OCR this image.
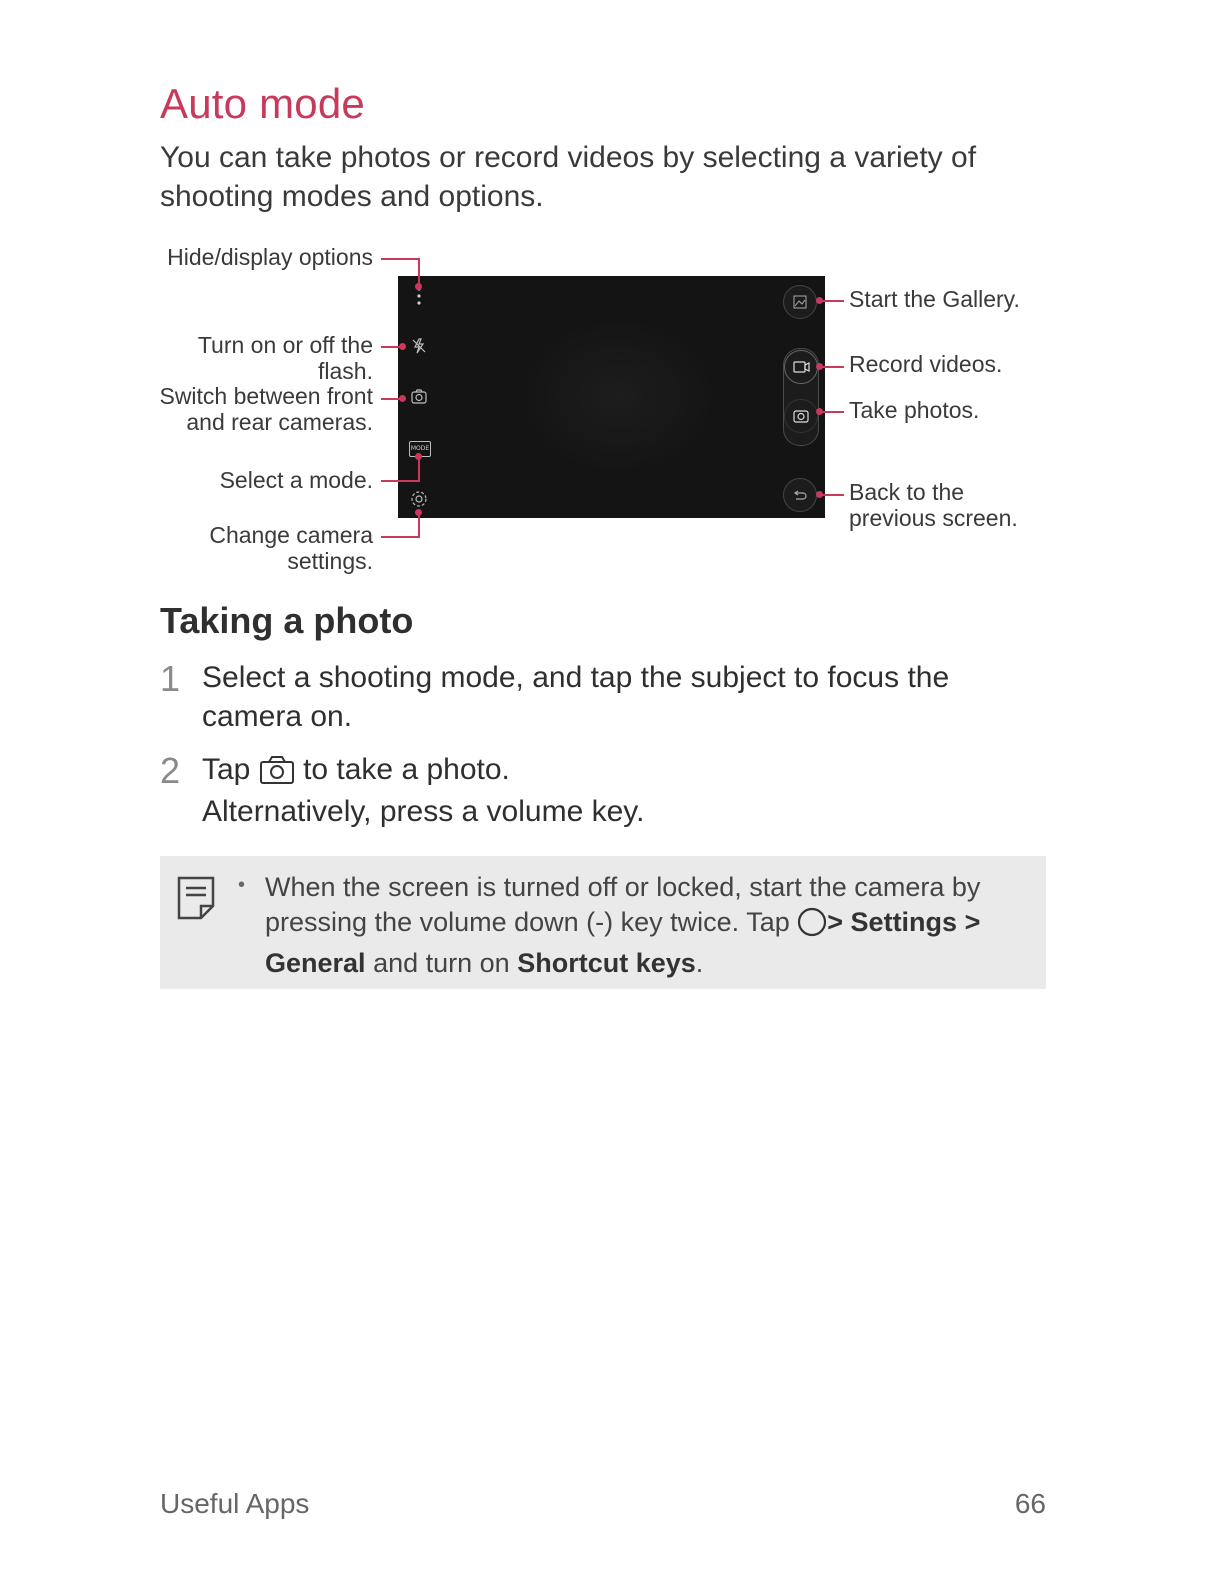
Auto mode

You can take photos or record videos by selecting a variety of shooting modes and options.

Hide/display options
Turn on or off the flash.
Switch between front and rear cameras.
Select a mode.
Change camera settings.
Start the Gallery.
Record videos.
Take photos.
Back to the previous screen.
MODE
Taking a photo
1 Select a shooting mode, and tap the subject to focus the camera on.
2 Tap to take a photo.
Alternatively, press a volume key.
• When the screen is turned off or locked, start the camera by pressing the volume down (-) key twice. Tap > Settings > General and turn on Shortcut keys.
Useful Apps	66
